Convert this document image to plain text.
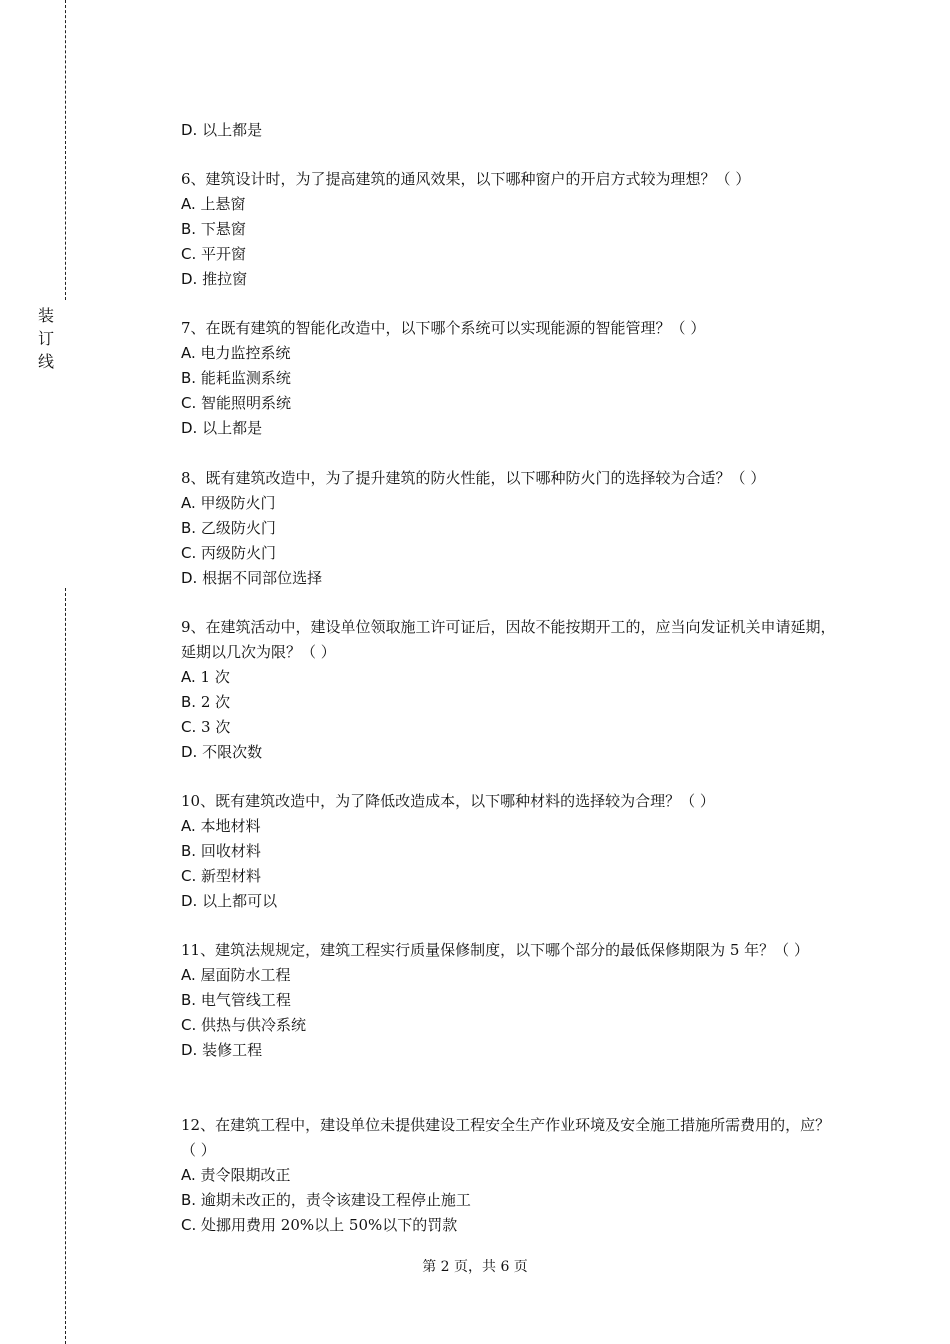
装
订
线
D. 以上都是
6、建筑设计时，为了提高建筑的通风效果，以下哪种窗户的开启方式较为理想？（ ）
A. 上悬窗
B. 下悬窗
C. 平开窗
D. 推拉窗
7、在既有建筑的智能化改造中，以下哪个系统可以实现能源的智能管理？（ ）
A. 电力监控系统
B. 能耗监测系统
C. 智能照明系统
D. 以上都是
8、既有建筑改造中，为了提升建筑的防火性能，以下哪种防火门的选择较为合适？（ ）
A. 甲级防火门
B. 乙级防火门
C. 丙级防火门
D. 根据不同部位选择
9、在建筑活动中，建设单位领取施工许可证后，因故不能按期开工的，应当向发证机关申请延期，延期以几次为限？（ ）
A. 1 次
B. 2 次
C. 3 次
D. 不限次数
10、既有建筑改造中，为了降低改造成本，以下哪种材料的选择较为合理？（ ）
A. 本地材料
B. 回收材料
C. 新型材料
D. 以上都可以
11、建筑法规规定，建筑工程实行质量保修制度，以下哪个部分的最低保修期限为 5 年？（ ）
A. 屋面防水工程
B. 电气管线工程
C. 供热与供冷系统
D. 装修工程
12、在建筑工程中，建设单位未提供建设工程安全生产作业环境及安全施工措施所需费用的，应？（ ）
A. 责令限期改正
B. 逾期未改正的，责令该建设工程停止施工
C. 处挪用费用 20%以上 50%以下的罚款
第 2 页，共 6 页
